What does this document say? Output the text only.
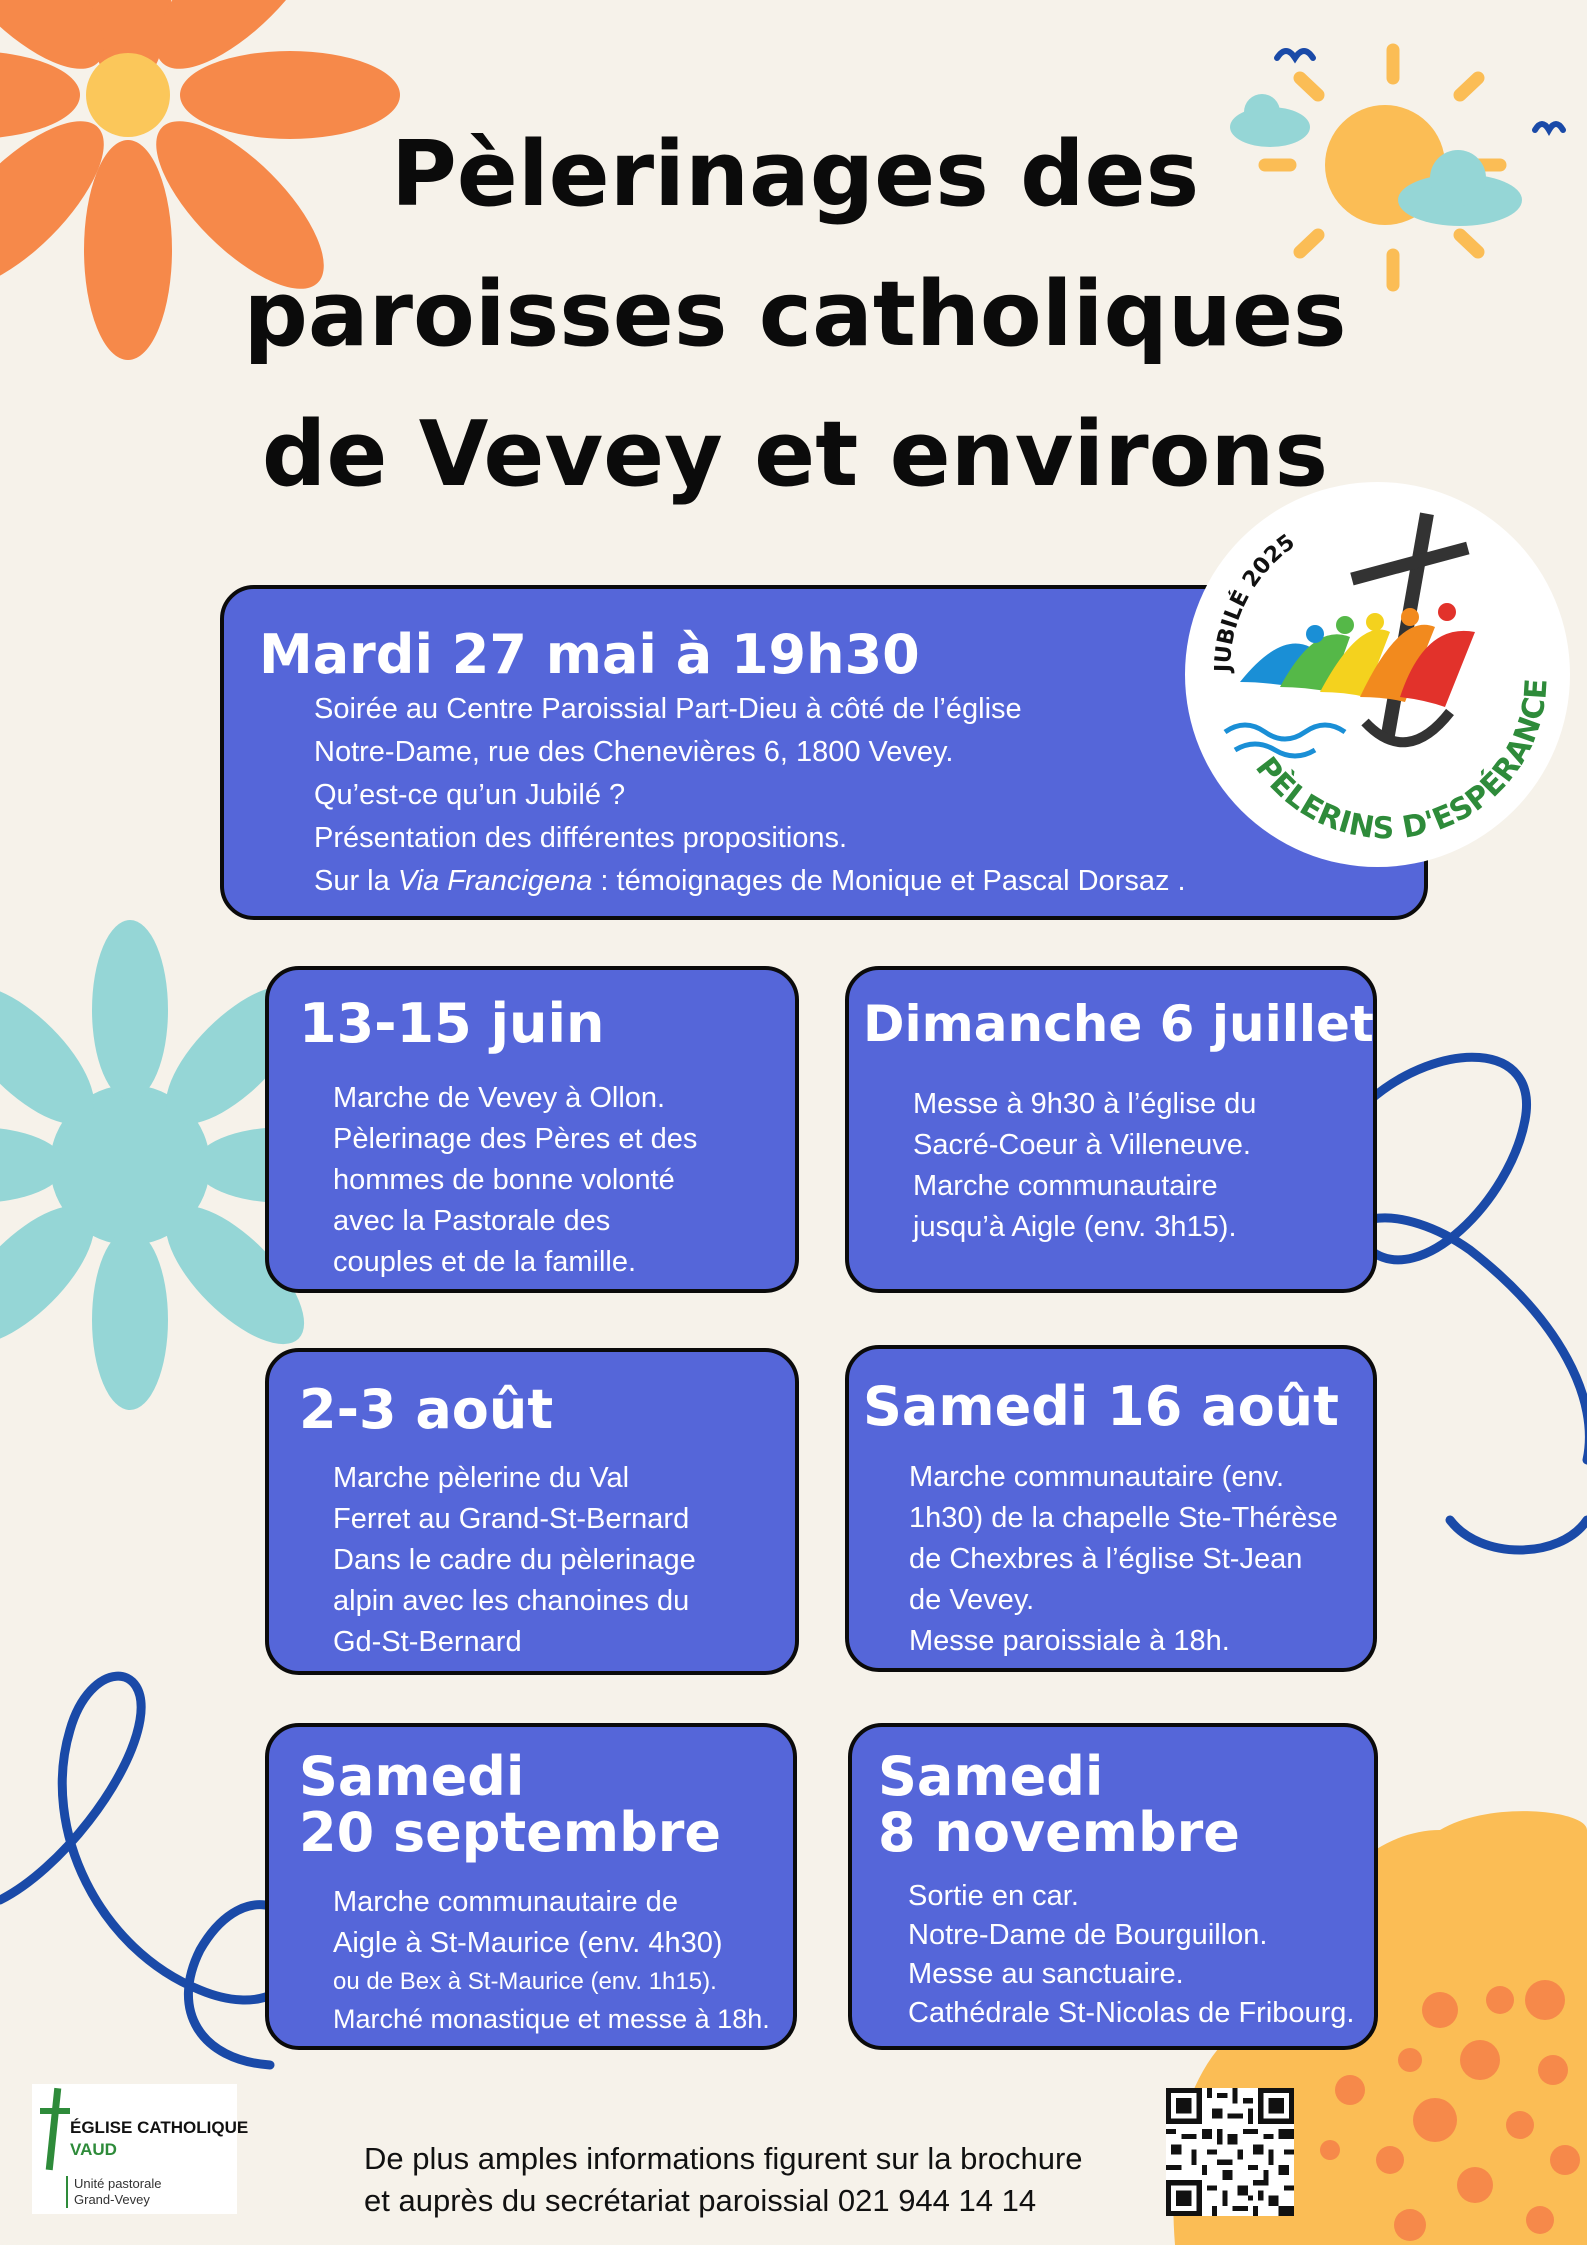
Pèlerinages des
paroisses catholiques
de Vevey et environs
Mardi 27 mai à 19h30
Soirée au Centre Paroissial Part-Dieu à côté de l’église
Notre-Dame, rue des Chenevières 6, 1800 Vevey.
Qu’est-ce qu’un Jubilé ?
Présentation des différentes propositions.
Sur la Via Francigena : témoignages de Monique et Pascal Dorsaz .
JUBILÉ 2025
PÈLERINS D'ESPÉRANCE
13-15 juin
Marche de Vevey à Ollon.
Pèlerinage des Pères et des
hommes de bonne volonté
avec la Pastorale des
couples et de la famille.
Dimanche 6 juillet
Messe à 9h30 à l’église du
Sacré-Coeur à Villeneuve.
Marche communautaire
jusqu’à Aigle (env. 3h15).
2-3 août
Marche pèlerine du Val
Ferret au Grand-St-Bernard
Dans le cadre du pèlerinage
alpin avec les chanoines du
Gd-St-Bernard
Samedi 16 août
Marche communautaire (env.
1h30) de la chapelle Ste-Thérèse
de Chexbres à l’église St-Jean
de Vevey.
Messe paroissiale à 18h.
Samedi
20 septembre
Marche communautaire de
Aigle à St-Maurice (env. 4h30)
ou de Bex à St-Maurice (env. 1h15).
Marché monastique et messe à 18h.
Samedi
8 novembre
Sortie en car.
Notre-Dame de Bourguillon.
Messe au sanctuaire.
Cathédrale St-Nicolas de Fribourg.
ÉGLISE CATHOLIQUE
VAUD
Unité pastorale
Grand-Vevey
De plus amples informations figurent sur la brochure
et auprès du secrétariat paroissial 021 944 14 14
